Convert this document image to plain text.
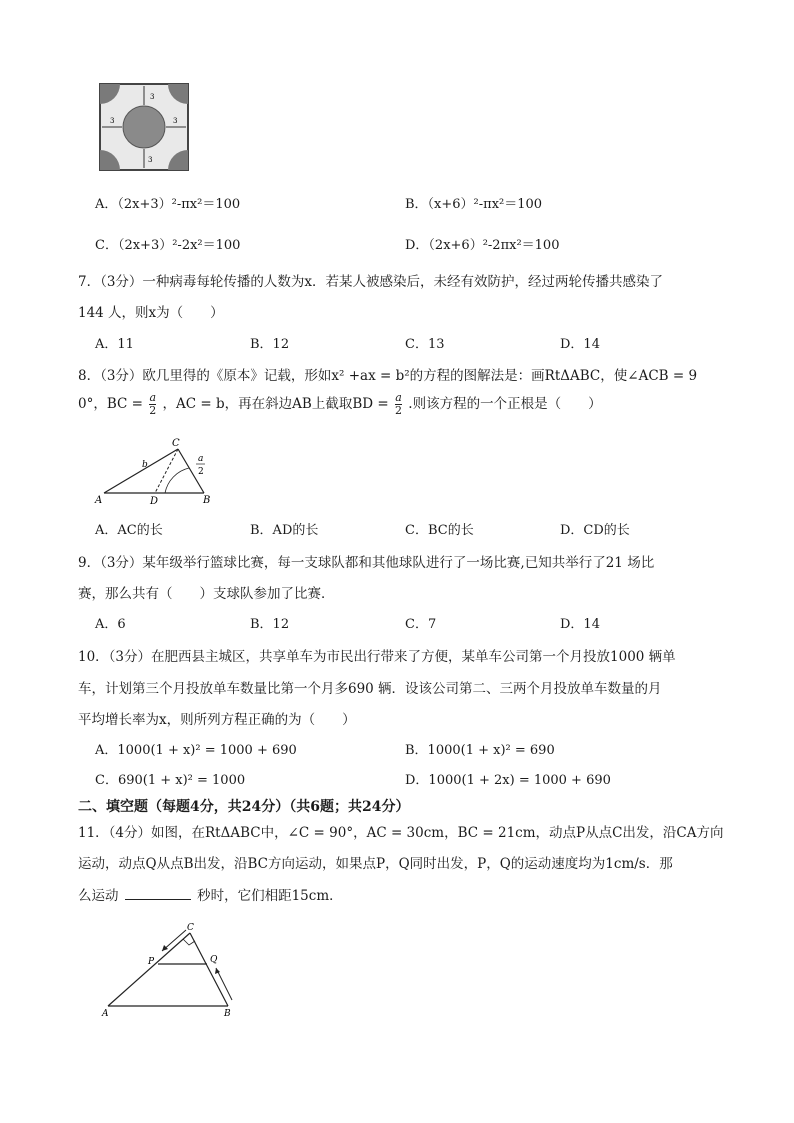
3
3
3	3
A．（2x+3）²-πx²＝100	B．（x+6）²-πx²＝100
C．（2x+3）²-2x²＝100	D．（2x+6）²-2πx²＝100
7．（3分）一种病毒每轮传播的人数为x．若某人被感染后，未经有效防护，经过两轮传播共感染了
144 人，则x为（　　）
A．11	B．12	C．13	D．14
8．（3分）欧几里得的《原本》记载，形如x² +ax = b²的方程的图解法是：画RtΔABC，使∠ACB = 9
0°，BC = $\frac{a}{2}$ ，AC = b，再在斜边AB上截取BD = $\frac{a}{2}$ .则该方程的一个正根是（　　）
A	B
C
D
b
a
2
A．AC的长	B．AD的长	C．BC的长	D．CD的长
9．（3分）某年级举行篮球比赛，每一支球队都和其他球队进行了一场比赛,已知共举行了21 场比
赛，那么共有（　　）支球队参加了比赛．
A．6	B．12	C．7	D．14
10．（3分）在肥西县主城区，共享单车为市民出行带来了方便，某单车公司第一个月投放1000 辆单
车，计划第三个月投放单车数量比第一个月多690 辆．设该公司第二、三两个月投放单车数量的月
平均增长率为x，则所列方程正确的为（　　）
A．1000(1 + x)² = 1000 + 690	B．1000(1 + x)² = 690
C．690(1 + x)² = 1000	D．1000(1 + 2x) = 1000 + 690
二、填空题（每题4分，共24分）（共6题；共24分）
11．（4分）如图，在RtΔABC中，∠C = 90°，AC = 30cm，BC = 21cm，动点P从点C出发，沿CA方向
运动，动点Q从点B出发，沿BC方向运动，如果点P，Q同时出发，P，Q的运动速度均为1cm/s．那
么运动	秒时，它们相距15cm．
C
P	Q
A	B
